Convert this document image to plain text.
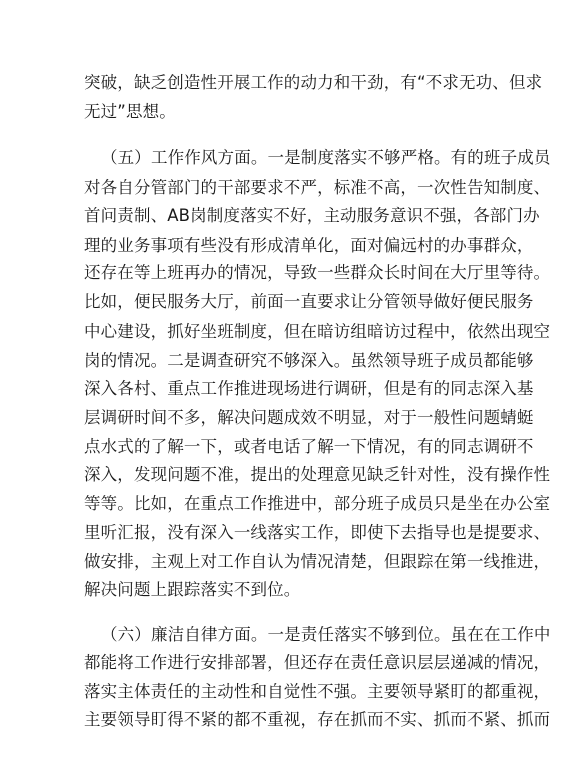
突破，缺乏创造性开展工作的动力和干劲，有“不求无功、但求
无过”思想。
（五）工作作风方面。一是制度落实不够严格。有的班子成员
对各自分管部门的干部要求不严，标准不高，一次性告知制度、
首问责制、AB岗制度落实不好，主动服务意识不强，各部门办
理的业务事项有些没有形成清单化，面对偏远村的办事群众，
还存在等上班再办的情况，导致一些群众长时间在大厅里等待。
比如，便民服务大厅，前面一直要求让分管领导做好便民服务
中心建设，抓好坐班制度，但在暗访组暗访过程中，依然出现空
岗的情况。二是调查研究不够深入。虽然领导班子成员都能够
深入各村、重点工作推进现场进行调研，但是有的同志深入基
层调研时间不多，解决问题成效不明显，对于一般性问题蜻蜓
点水式的了解一下，或者电话了解一下情况，有的同志调研不
深入，发现问题不准，提出的处理意见缺乏针对性，没有操作性
等等。比如，在重点工作推进中，部分班子成员只是坐在办公室
里听汇报，没有深入一线落实工作，即使下去指导也是提要求、
做安排，主观上对工作自认为情况清楚，但跟踪在第一线推进，
解决问题上跟踪落实不到位。
（六）廉洁自律方面。一是责任落实不够到位。虽在在工作中
都能将工作进行安排部署，但还存在责任意识层层递减的情况，
落实主体责任的主动性和自觉性不强。主要领导紧盯的都重视，
主要领导盯得不紧的都不重视，存在抓而不实、抓而不紧、抓而
